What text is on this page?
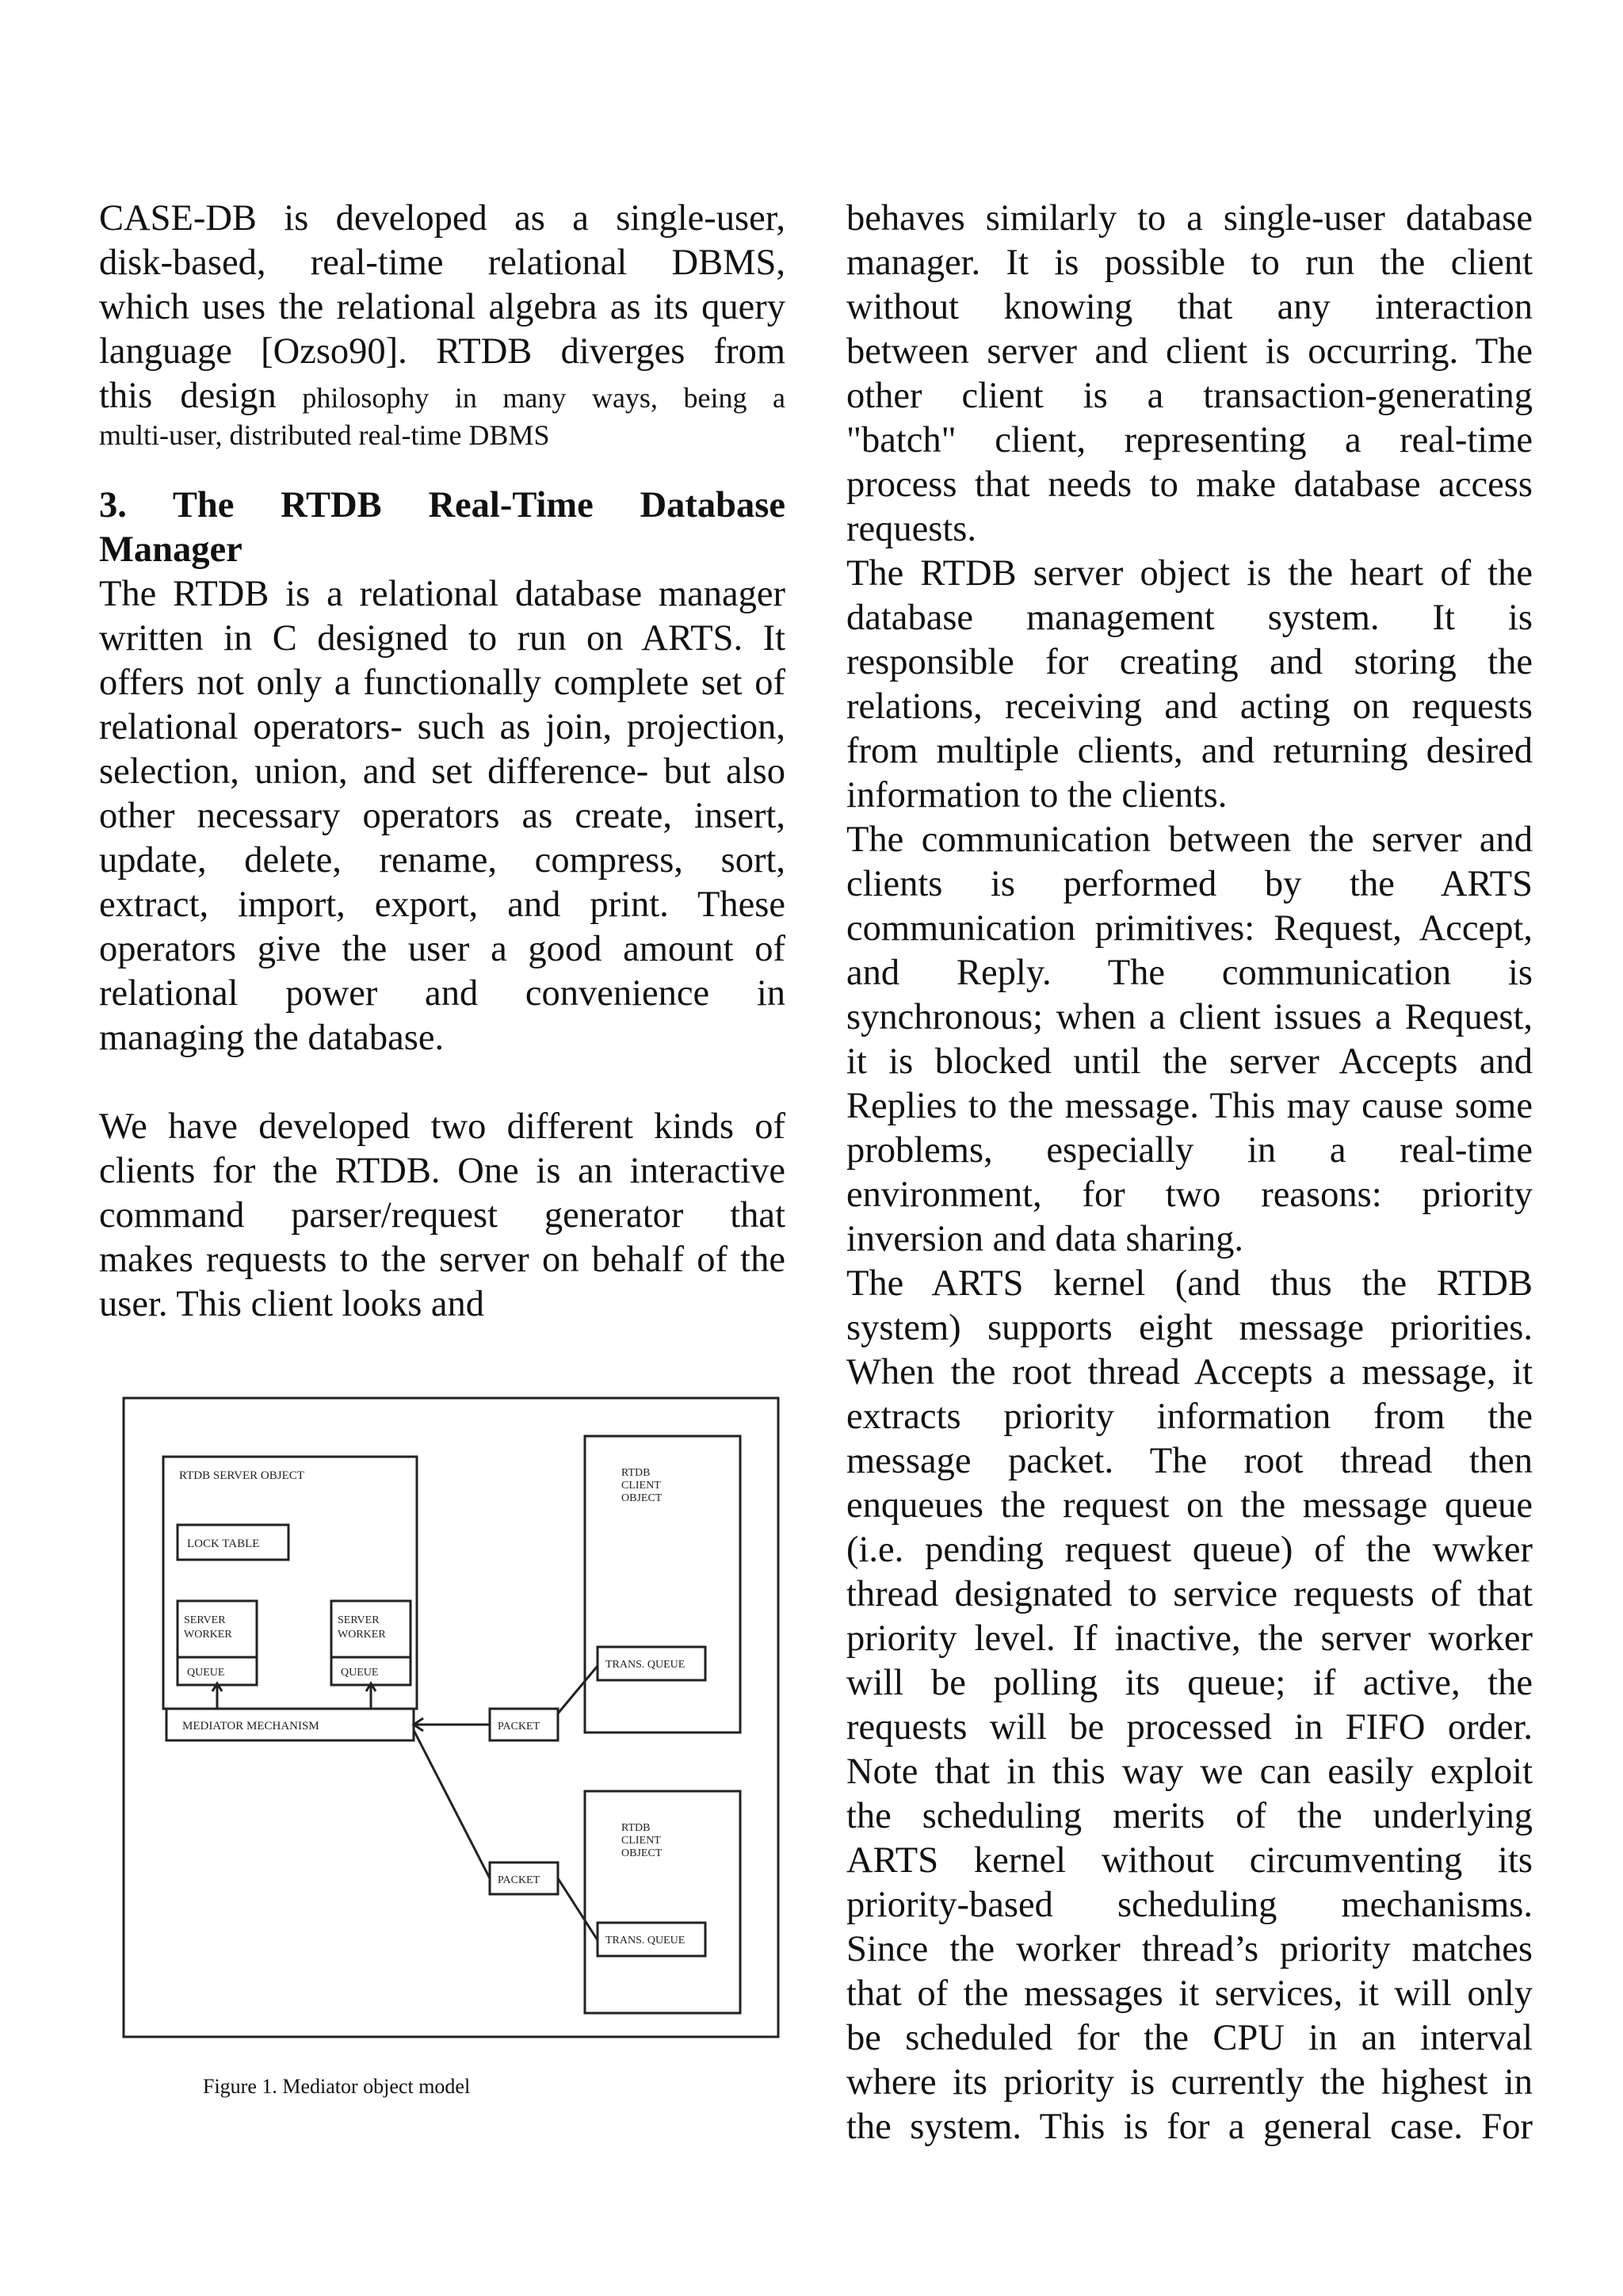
CASE-DB is developed as a single-user,
disk-based, real-time relational DBMS,
which uses the relational algebra as its query
language [Ozso90]. RTDB diverges from
this design philosophy in many ways, being a
multi-user, distributed real-time DBMS
3. The RTDB Real-Time Database
Manager
The RTDB is a relational database manager
written in C designed to run on ARTS. It
offers not only a functionally complete set of
relational operators- such as join, projection,
selection, union, and set difference- but also
other necessary operators as create, insert,
update, delete, rename, compress, sort,
extract, import, export, and print. These
operators give the user a good amount of
relational power and convenience in
managing the database.
We have developed two different kinds of
clients for the RTDB. One is an interactive
command parser/request generator that
makes requests to the server on behalf of the
user. This client looks and
behaves similarly to a single-user database
manager. It is possible to run the client
without knowing that any interaction
between server and client is occurring. The
other client is a transaction-generating
"batch" client, representing a real-time
process that needs to make database access
requests.
The RTDB server object is the heart of the
database management system. It is
responsible for creating and storing the
relations, receiving and acting on requests
from multiple clients, and returning desired
information to the clients.
The communication between the server and
clients is performed by the ARTS
communication primitives: Request, Accept,
and Reply. The communication is
synchronous; when a client issues a Request,
it is blocked until the server Accepts and
Replies to the message. This may cause some
problems, especially in a real-time
environment, for two reasons: priority
inversion and data sharing.
The ARTS kernel (and thus the RTDB
system) supports eight message priorities.
When the root thread Accepts a message, it
extracts priority information from the
message packet. The root thread then
enqueues the request on the message queue
(i.e. pending request queue) of the wwker
thread designated to service requests of that
priority level. If inactive, the server worker
will be polling its queue; if active, the
requests will be processed in FIFO order.
Note that in this way we can easily exploit
the scheduling merits of the underlying
ARTS kernel without circumventing its
priority-based scheduling mechanisms.
Since the worker thread’s priority matches
that of the messages it services, it will only
be scheduled for the CPU in an interval
where its priority is currently the highest in
the system. This is for a general case. For
RTDB SERVER OBJECT
LOCK TABLE
SERVER
WORKER
QUEUE
SERVER
WORKER
QUEUE
MEDIATOR MECHANISM
RTDB
CLIENT
OBJECT
TRANS. QUEUE
RTDB
CLIENT
OBJECT
TRANS. QUEUE
PACKET
PACKET
Figure 1. Mediator object model
